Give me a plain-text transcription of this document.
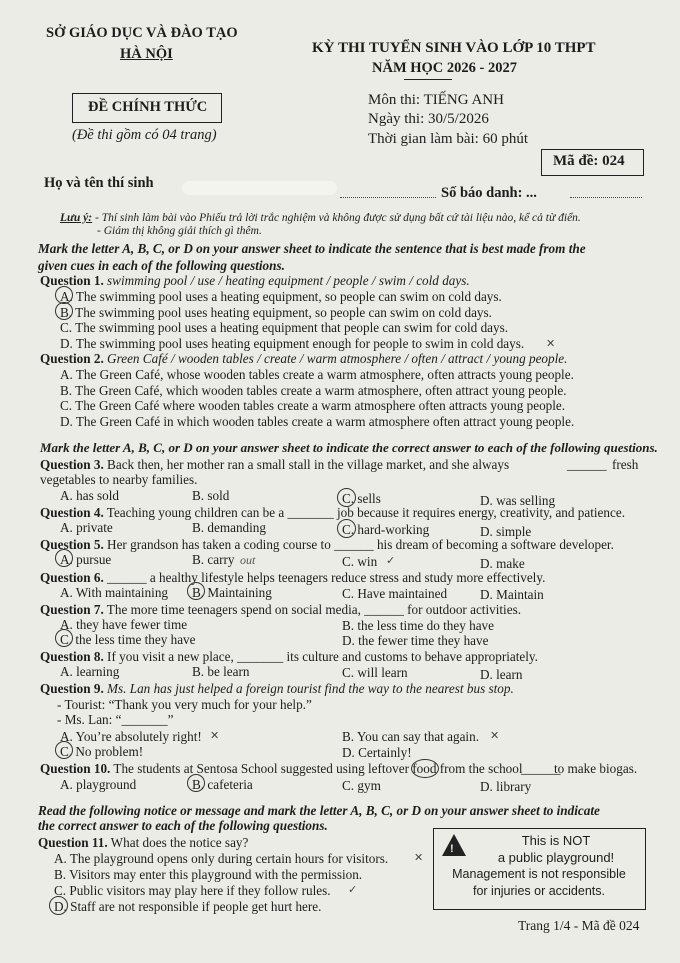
SỞ GIÁO DỤC VÀ ĐÀO TẠO
HÀ NỘI	KỲ THI TUYỂN SINH VÀO LỚP 10 THPT
NĂM HỌC 2026 - 2027
ĐỀ CHÍNH THỨC
(Đề thi gồm có 04 trang)
Môn thi: TIẾNG ANH
Ngày thi: 30/5/2026
Thời gian làm bài: 60 phút
Mã đề: 024
Họ và tên thí sinh
Số báo danh: ...
Lưu ý: - Thí sinh làm bài vào Phiếu trả lời trắc nghiệm và không được sử dụng bất cứ tài liệu nào, kể cả từ điển.
- Giám thị không giải thích gì thêm.
Mark the letter A, B, C, or D on your answer sheet to indicate the sentence that is best made from the
given cues in each of the following questions.
Question 1. swimming pool / use / heating equipment / people / swim / cold days.
A. The swimming pool uses a heating equipment, so people can swim on cold days.
B. The swimming pool uses heating equipment, so people can swim on cold days.
C. The swimming pool uses a heating equipment that people can swim for cold days.
D. The swimming pool uses heating equipment enough for people to swim in cold days. ✕
Question 2. Green Café / wooden tables / create / warm atmosphere / often / attract / young people.
A. The Green Café, whose wooden tables create a warm atmosphere, often attracts young people.
B. The Green Café, which wooden tables create a warm atmosphere, often attract young people.
C. The Green Café where wooden tables create a warm atmosphere often attracts young people.
D. The Green Café in which wooden tables create a warm atmosphere often attract young people.
Mark the letter A, B, C, or D on your answer sheet to indicate the correct answer to each of the following questions.
Question 3. Back then, her mother ran a small stall in the village market, and she always	______ fresh
vegetables to nearby families.
A. has sold	B. sold	C. sells	D. was selling
Question 4. Teaching young children can be a _______ job because it requires energy, creativity, and patience.
A. private	B. demanding	C. hard-working	D. simple
Question 5. Her grandson has taken a coding course to ______ his dream of becoming a software developer.
A. pursue	B. carry out	C. win ✓	D. make
Question 6. ______ a healthy lifestyle helps teenagers reduce stress and study more effectively.
A. With maintaining B. Maintaining	C. Have maintained D. Maintain
Question 7. The more time teenagers spend on social media, ______ for outdoor activities.
A. they have fewer time	B. the less time do they have
C. the less time they have	D. the fewer time they have
Question 8. If you visit a new place, _______ its culture and customs to behave appropriately.
A. learning	B. be learn	C. will learn	D. learn
Question 9. Ms. Lan has just helped a foreign tourist find the way to the nearest bus stop.
- Tourist: “Thank you very much for your help.”
- Ms. Lan: “_______”
A. You’re absolutely right!	B. You can say that again.
C. No problem!	D. Certainly!
✕	✕
Question 10. The students at Sentosa School suggested using leftover food from the school
______
to make biogas.
A. playground	B. cafeteria	C. gym	D. library
Read the following notice or message and mark the letter A, B, C, or D on your answer sheet to indicate
the correct answer to each of the following questions.
Question 11. What does the notice say?
A. The playground opens only during certain hours for visitors.
B. Visitors may enter this playground with the permission.
C. Public visitors may play here if they follow rules.
D. Staff are not responsible if people get hurt here.
✕
✓
!
This is NOT
a public playground!
Management is not responsible
for injuries or accidents.
Trang 1/4 - Mã đề 024
